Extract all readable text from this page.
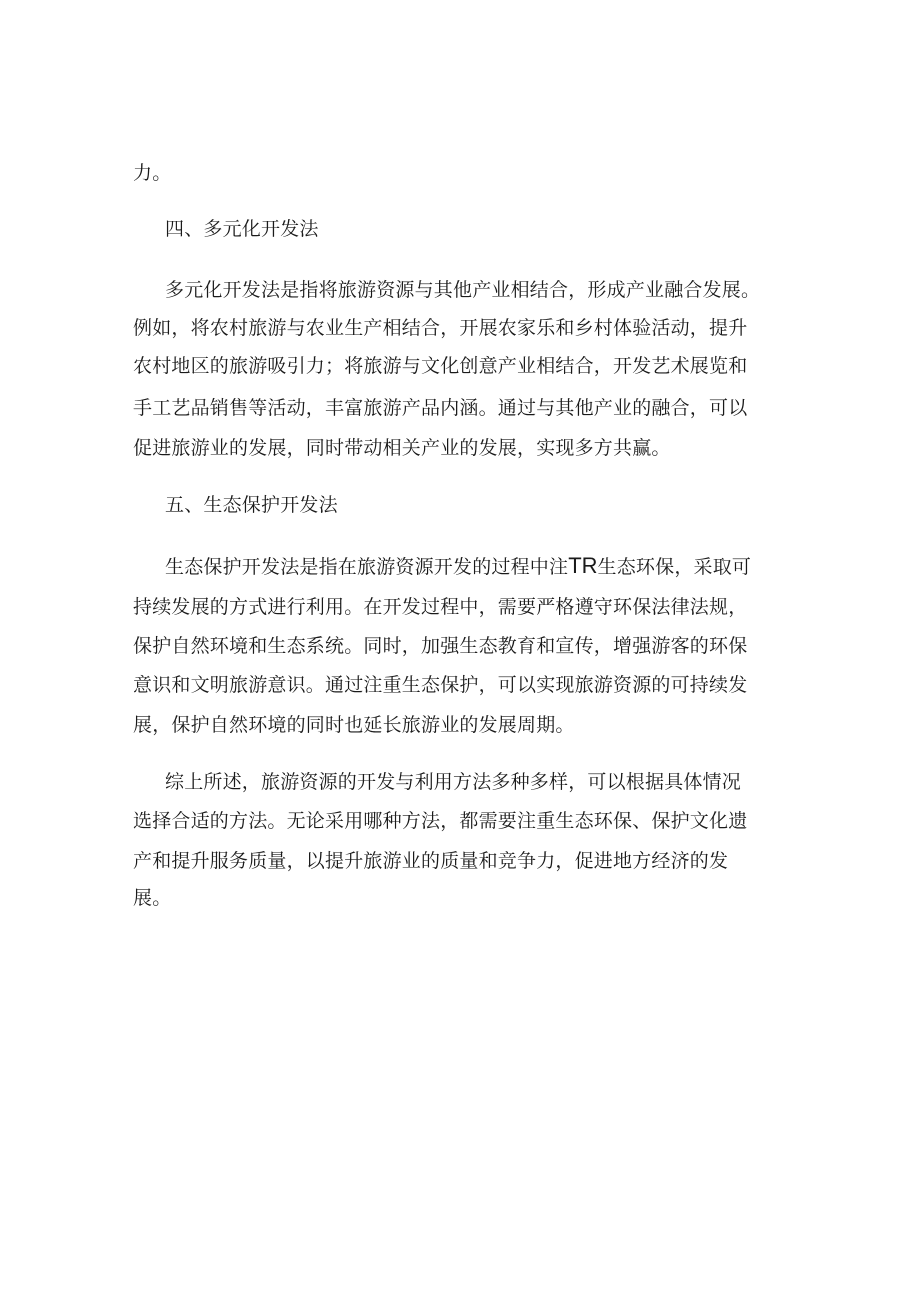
力。
四、多元化开发法
多元化开发法是指将旅游资源与其他产业相结合，形成产业融合发展。
例如，将农村旅游与农业生产相结合，开展农家乐和乡村体验活动，提升
农村地区的旅游吸引力；将旅游与文化创意产业相结合，开发艺术展览和
手工艺品销售等活动，丰富旅游产品内涵。通过与其他产业的融合，可以
促进旅游业的发展，同时带动相关产业的发展，实现多方共赢。
五、生态保护开发法
生态保护开发法是指在旅游资源开发的过程中注TR生态环保，采取可
持续发展的方式进行利用。在开发过程中，需要严格遵守环保法律法规，
保护自然环境和生态系统。同时，加强生态教育和宣传，增强游客的环保
意识和文明旅游意识。通过注重生态保护，可以实现旅游资源的可持续发
展，保护自然环境的同时也延长旅游业的发展周期。
综上所述，旅游资源的开发与利用方法多种多样，可以根据具体情况
选择合适的方法。无论采用哪种方法，都需要注重生态环保、保护文化遗
产和提升服务质量，以提升旅游业的质量和竞争力，促进地方经济的发
展。
